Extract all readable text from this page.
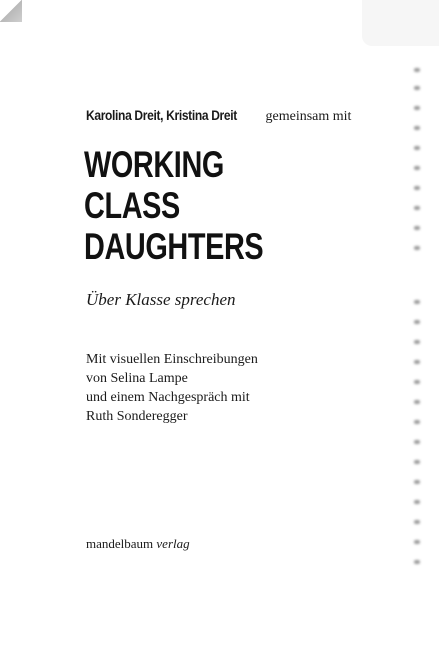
Karolina Dreit, Kristina Dreit gemeinsam mit
WORKING
CLASS
DAUGHTERS
Über Klasse sprechen
Mit visuellen Einschreibungen
von Selina Lampe
und einem Nachgespräch mit
Ruth Sonderegger
mandelbaum verlag
